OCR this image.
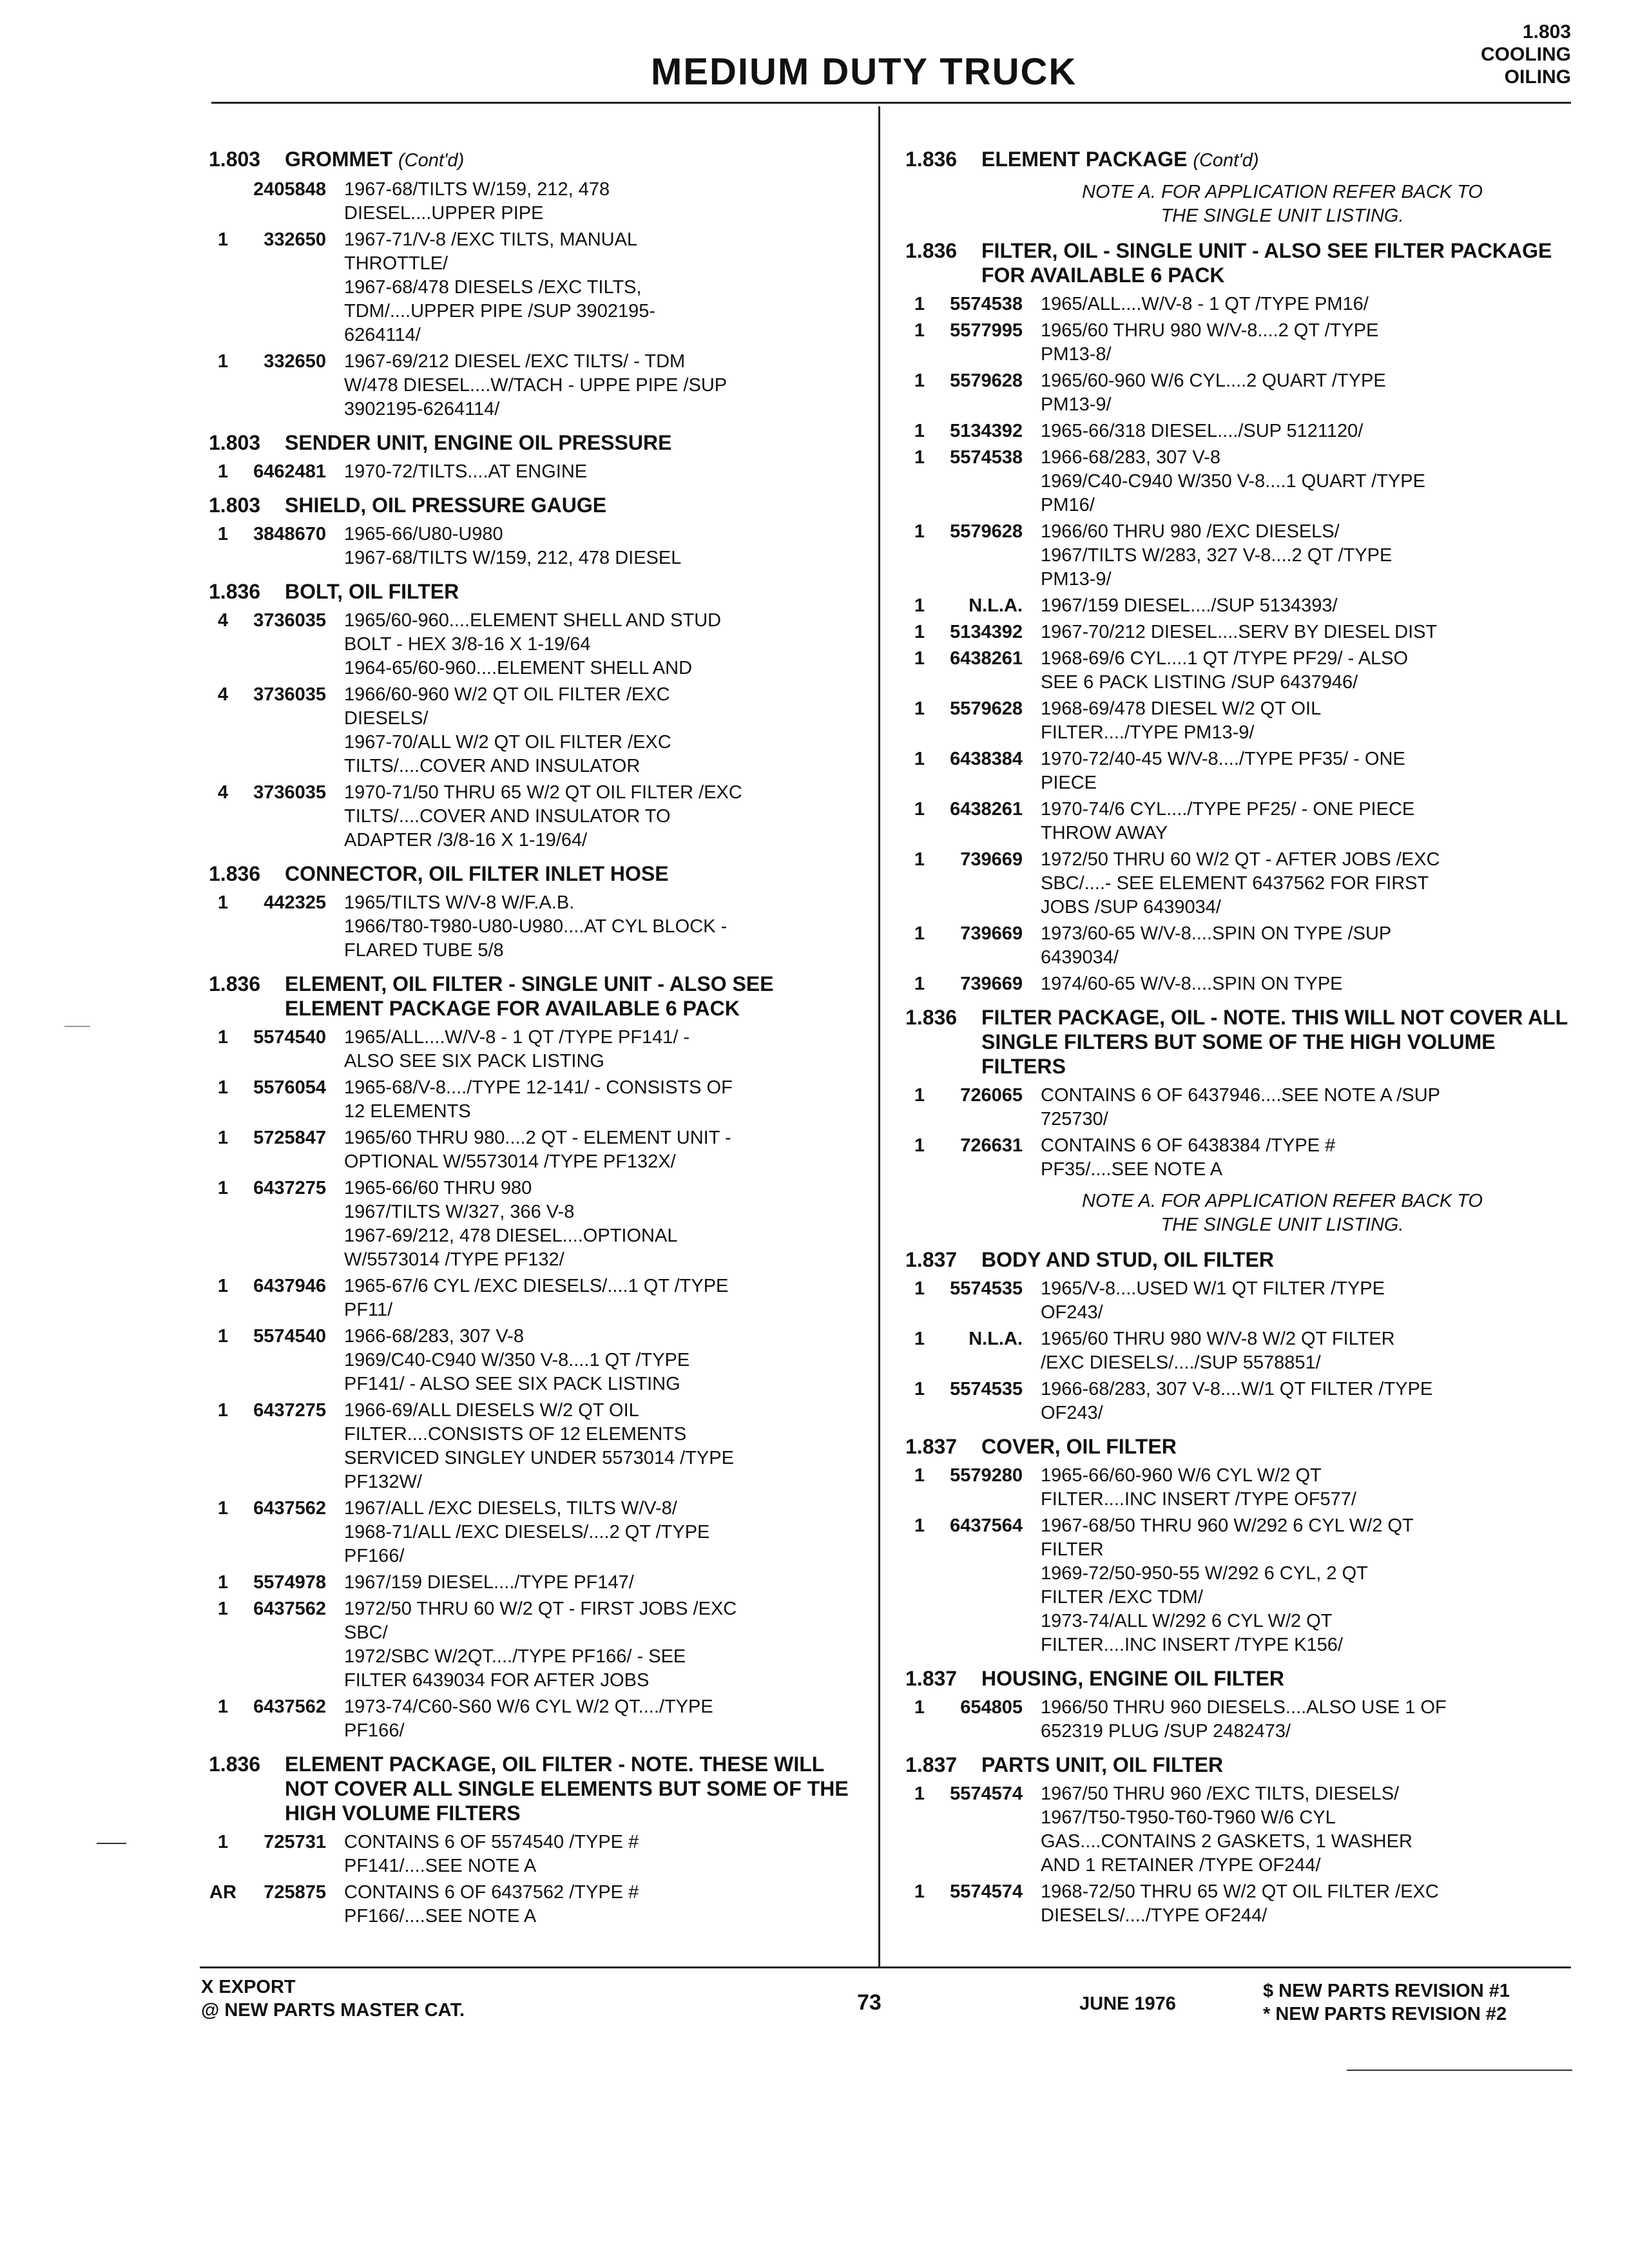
MEDIUM DUTY TRUCK
1.803
COOLING
OILING
1.803	GROMMET (Cont'd)
2405848 1967-68/TILTS W/159, 212, 478
DIESEL....UPPER PIPE
1	332650 1967-71/V-8 /EXC TILTS, MANUAL
THROTTLE/
1967-68/478 DIESELS /EXC TILTS,
TDM/....UPPER PIPE /SUP 3902195-
6264114/
1	332650 1967-69/212 DIESEL /EXC TILTS/ - TDM
W/478 DIESEL....W/TACH - UPPE PIPE /SUP
3902195-6264114/
1.803	SENDER UNIT, ENGINE OIL PRESSURE
1	6462481 1970-72/TILTS....AT ENGINE
1.803	SHIELD, OIL PRESSURE GAUGE
1	3848670 1965-66/U80-U980
1967-68/TILTS W/159, 212, 478 DIESEL
1.836	BOLT, OIL FILTER
4	3736035 1965/60-960....ELEMENT SHELL AND STUD
BOLT - HEX 3/8-16 X 1-19/64
1964-65/60-960....ELEMENT SHELL AND
4	3736035 1966/60-960 W/2 QT OIL FILTER /EXC
DIESELS/
1967-70/ALL W/2 QT OIL FILTER /EXC
TILTS/....COVER AND INSULATOR
4	3736035 1970-71/50 THRU 65 W/2 QT OIL FILTER /EXC
TILTS/....COVER AND INSULATOR TO
ADAPTER /3/8-16 X 1-19/64/
1.836	CONNECTOR, OIL FILTER INLET HOSE
1	442325 1965/TILTS W/V-8 W/F.A.B.
1966/T80-T980-U80-U980....AT CYL BLOCK -
FLARED TUBE 5/8
1.836	ELEMENT, OIL FILTER - SINGLE UNIT - ALSO SEE ELEMENT PACKAGE FOR AVAILABLE 6 PACK
1	5574540 1965/ALL....W/V-8 - 1 QT /TYPE PF141/ -
ALSO SEE SIX PACK LISTING
1	5576054 1965-68/V-8..../TYPE 12-141/ - CONSISTS OF
12 ELEMENTS
1	5725847 1965/60 THRU 980....2 QT - ELEMENT UNIT -
OPTIONAL W/5573014 /TYPE PF132X/
1	6437275 1965-66/60 THRU 980
1967/TILTS W/327, 366 V-8
1967-69/212, 478 DIESEL....OPTIONAL
W/5573014 /TYPE PF132/
1	6437946 1965-67/6 CYL /EXC DIESELS/....1 QT /TYPE
PF11/
1	5574540 1966-68/283, 307 V-8
1969/C40-C940 W/350 V-8....1 QT /TYPE
PF141/ - ALSO SEE SIX PACK LISTING
1	6437275 1966-69/ALL DIESELS W/2 QT OIL
FILTER....CONSISTS OF 12 ELEMENTS
SERVICED SINGLEY UNDER 5573014 /TYPE
PF132W/
1	6437562 1967/ALL /EXC DIESELS, TILTS W/V-8/
1968-71/ALL /EXC DIESELS/....2 QT /TYPE
PF166/
1	5574978 1967/159 DIESEL..../TYPE PF147/
1	6437562 1972/50 THRU 60 W/2 QT - FIRST JOBS /EXC
SBC/
1972/SBC W/2QT..../TYPE PF166/ - SEE
FILTER 6439034 FOR AFTER JOBS
1	6437562 1973-74/C60-S60 W/6 CYL W/2 QT..../TYPE
PF166/
1.836	ELEMENT PACKAGE, OIL FILTER - NOTE. THESE WILL NOT COVER ALL SINGLE ELEMENTS BUT SOME OF THE HIGH VOLUME FILTERS
1	725731 CONTAINS 6 OF 5574540 /TYPE #
PF141/....SEE NOTE A
AR	725875 CONTAINS 6 OF 6437562 /TYPE #
PF166/....SEE NOTE A
1.836	ELEMENT PACKAGE (Cont'd)
NOTE A. FOR APPLICATION REFER BACK TO
THE SINGLE UNIT LISTING.
1.836	FILTER, OIL - SINGLE UNIT - ALSO SEE FILTER PACKAGE FOR AVAILABLE 6 PACK
1	5574538 1965/ALL....W/V-8 - 1 QT /TYPE PM16/
1	5577995 1965/60 THRU 980 W/V-8....2 QT /TYPE
PM13-8/
1	5579628 1965/60-960 W/6 CYL....2 QUART /TYPE
PM13-9/
1	5134392 1965-66/318 DIESEL..../SUP 5121120/
1	5574538 1966-68/283, 307 V-8
1969/C40-C940 W/350 V-8....1 QUART /TYPE
PM16/
1	5579628 1966/60 THRU 980 /EXC DIESELS/
1967/TILTS W/283, 327 V-8....2 QT /TYPE
PM13-9/
1	N.L.A. 1967/159 DIESEL..../SUP 5134393/
1	5134392 1967-70/212 DIESEL....SERV BY DIESEL DIST
1	6438261 1968-69/6 CYL....1 QT /TYPE PF29/ - ALSO
SEE 6 PACK LISTING /SUP 6437946/
1	5579628 1968-69/478 DIESEL W/2 QT OIL
FILTER..../TYPE PM13-9/
1	6438384 1970-72/40-45 W/V-8..../TYPE PF35/ - ONE
PIECE
1	6438261 1970-74/6 CYL..../TYPE PF25/ - ONE PIECE
THROW AWAY
1	739669 1972/50 THRU 60 W/2 QT - AFTER JOBS /EXC
SBC/....- SEE ELEMENT 6437562 FOR FIRST
JOBS /SUP 6439034/
1	739669 1973/60-65 W/V-8....SPIN ON TYPE /SUP
6439034/
1	739669 1974/60-65 W/V-8....SPIN ON TYPE
1.836	FILTER PACKAGE, OIL - NOTE. THIS WILL NOT COVER ALL SINGLE FILTERS BUT SOME OF THE HIGH VOLUME FILTERS
1	726065 CONTAINS 6 OF 6437946....SEE NOTE A /SUP
725730/
1	726631 CONTAINS 6 OF 6438384 /TYPE #
PF35/....SEE NOTE A
NOTE A. FOR APPLICATION REFER BACK TO
THE SINGLE UNIT LISTING.
1.837	BODY AND STUD, OIL FILTER
1	5574535 1965/V-8....USED W/1 QT FILTER /TYPE
OF243/
1	N.L.A. 1965/60 THRU 980 W/V-8 W/2 QT FILTER
/EXC DIESELS/..../SUP 5578851/
1	5574535 1966-68/283, 307 V-8....W/1 QT FILTER /TYPE
OF243/
1.837	COVER, OIL FILTER
1	5579280 1965-66/60-960 W/6 CYL W/2 QT
FILTER....INC INSERT /TYPE OF577/
1	6437564 1967-68/50 THRU 960 W/292 6 CYL W/2 QT
FILTER
1969-72/50-950-55 W/292 6 CYL, 2 QT
FILTER /EXC TDM/
1973-74/ALL W/292 6 CYL W/2 QT
FILTER....INC INSERT /TYPE K156/
1.837	HOUSING, ENGINE OIL FILTER
1	654805 1966/50 THRU 960 DIESELS....ALSO USE 1 OF
652319 PLUG /SUP 2482473/
1.837	PARTS UNIT, OIL FILTER
1	5574574 1967/50 THRU 960 /EXC TILTS, DIESELS/
1967/T50-T950-T60-T960 W/6 CYL
GAS....CONTAINS 2 GASKETS, 1 WASHER
AND 1 RETAINER /TYPE OF244/
1	5574574 1968-72/50 THRU 65 W/2 QT OIL FILTER /EXC
DIESELS/..../TYPE OF244/
X EXPORT
@ NEW PARTS MASTER CAT.	73	JUNE 1976
$ NEW PARTS REVISION #1
* NEW PARTS REVISION #2
